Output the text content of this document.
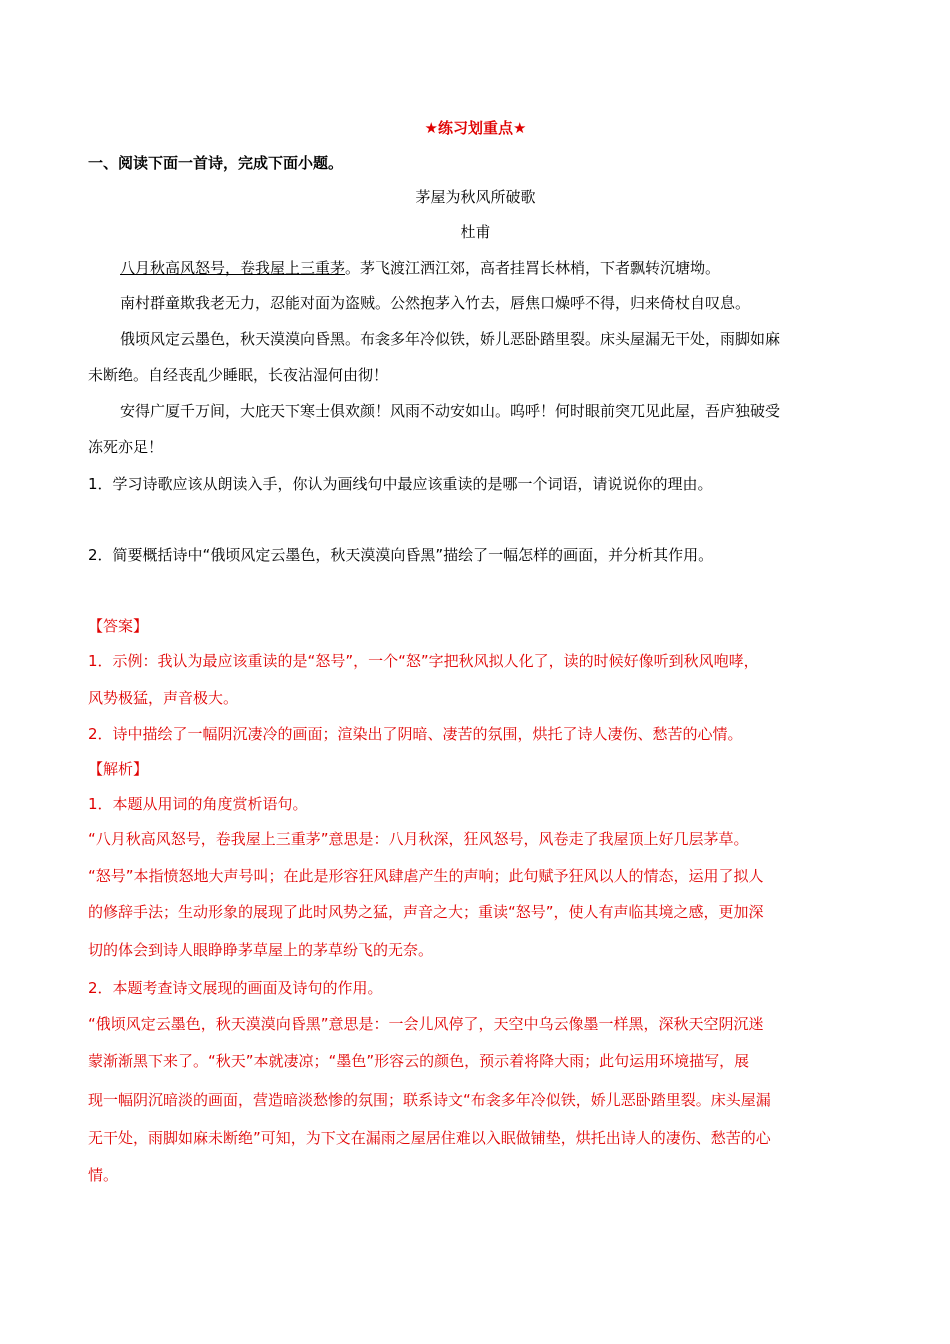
★练习划重点★
一、阅读下面一首诗，完成下面小题。
茅屋为秋风所破歌
杜甫
八月秋高风怒号，卷我屋上三重茅。茅飞渡江洒江郊，高者挂罥长林梢，下者飘转沉塘坳。
南村群童欺我老无力，忍能对面为盗贼。公然抱茅入竹去，唇焦口燥呼不得，归来倚杖自叹息。
俄顷风定云墨色，秋天漠漠向昏黑。布衾多年冷似铁，娇儿恶卧踏里裂。床头屋漏无干处，雨脚如麻
未断绝。自经丧乱少睡眠，长夜沾湿何由彻！
安得广厦千万间，大庇天下寒士俱欢颜！风雨不动安如山。呜呼！何时眼前突兀见此屋，吾庐独破受
冻死亦足！
1．学习诗歌应该从朗读入手，你认为画线句中最应该重读的是哪一个词语，请说说你的理由。
2．简要概括诗中“俄顷风定云墨色，秋天漠漠向昏黑”描绘了一幅怎样的画面，并分析其作用。
【答案】
1．示例：我认为最应该重读的是“怒号”，一个“怒”字把秋风拟人化了，读的时候好像听到秋风咆哮，
风势极猛，声音极大。
2．诗中描绘了一幅阴沉凄冷的画面；渲染出了阴暗、凄苦的氛围，烘托了诗人凄伤、愁苦的心情。
【解析】
1．本题从用词的角度赏析语句。
“八月秋高风怒号，卷我屋上三重茅”意思是：八月秋深，狂风怒号，风卷走了我屋顶上好几层茅草。
“怒号”本指愤怒地大声号叫；在此是形容狂风肆虐产生的声响；此句赋予狂风以人的情态，运用了拟人
的修辞手法；生动形象的展现了此时风势之猛，声音之大；重读“怒号”，使人有声临其境之感，更加深
切的体会到诗人眼睁睁茅草屋上的茅草纷飞的无奈。
2．本题考查诗文展现的画面及诗句的作用。
“俄顷风定云墨色，秋天漠漠向昏黑”意思是：一会儿风停了，天空中乌云像墨一样黑，深秋天空阴沉迷
蒙渐渐黑下来了。“秋天”本就凄凉；“墨色”形容云的颜色，预示着将降大雨；此句运用环境描写，展
现一幅阴沉暗淡的画面，营造暗淡愁惨的氛围；联系诗文“布衾多年冷似铁，娇儿恶卧踏里裂。床头屋漏
无干处，雨脚如麻未断绝”可知，为下文在漏雨之屋居住难以入眠做铺垫，烘托出诗人的凄伤、愁苦的心
情。
